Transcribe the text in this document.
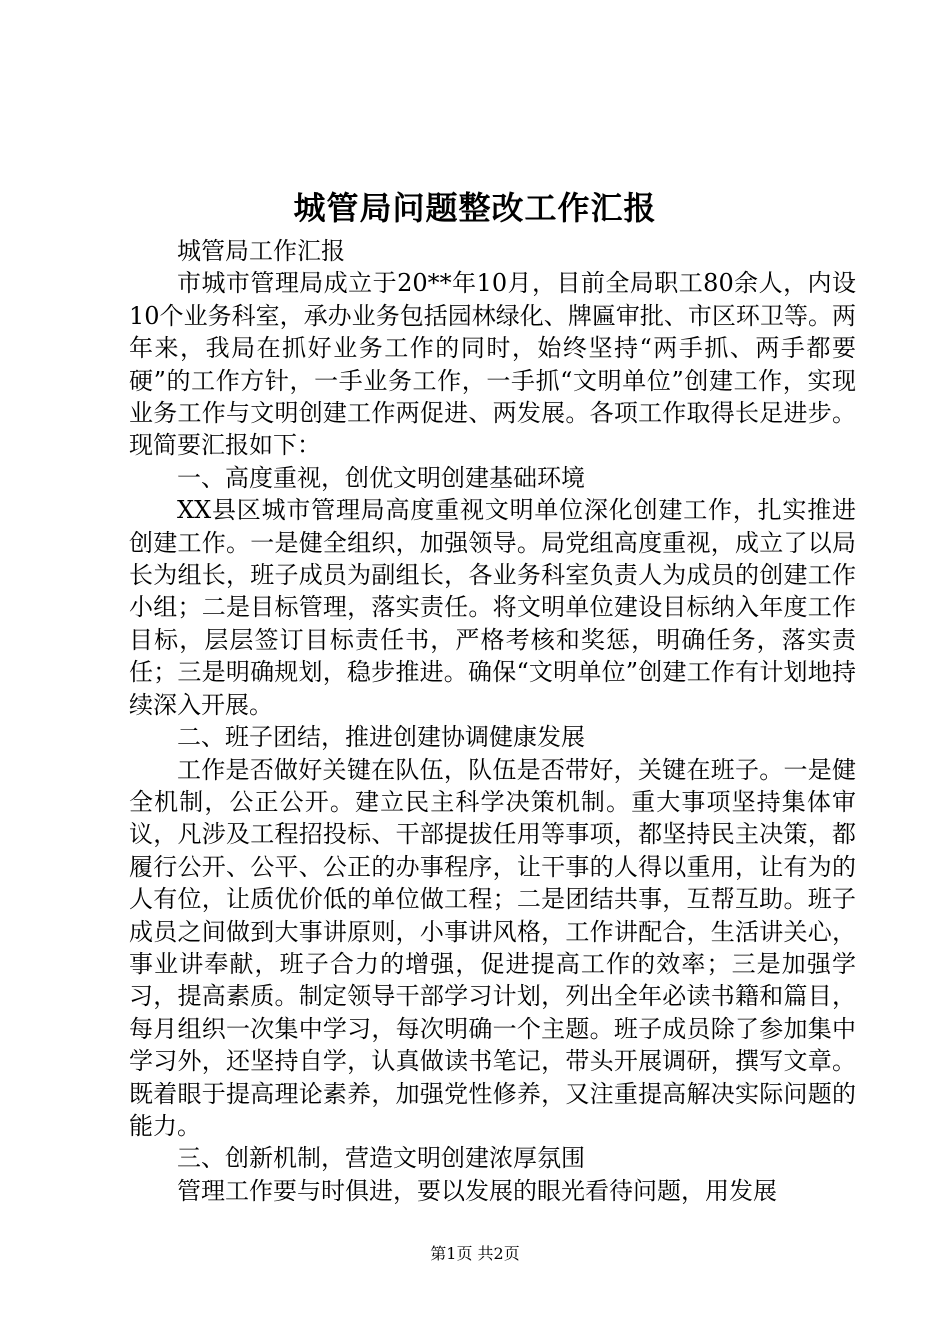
城管局问题整改工作汇报

城管局工作汇报

市城市管理局成立于20**年10月，目前全局职工80余人，内设10个业务科室，承办业务包括园林绿化、牌匾审批、市区环卫等。两年来，我局在抓好业务工作的同时，始终坚持“两手抓、两手都要硬”的工作方针，一手业务工作，一手抓“文明单位”创建工作，实现业务工作与文明创建工作两促进、两发展。各项工作取得长足进步。现简要汇报如下：

一、高度重视，创优文明创建基础环境

XX县区城市管理局高度重视文明单位深化创建工作，扎实推进创建工作。一是健全组织，加强领导。局党组高度重视，成立了以局长为组长，班子成员为副组长，各业务科室负责人为成员的创建工作小组；二是目标管理，落实责任。将文明单位建设目标纳入年度工作目标，层层签订目标责任书，严格考核和奖惩，明确任务，落实责任；三是明确规划，稳步推进。确保“文明单位”创建工作有计划地持续深入开展。

二、班子团结，推进创建协调健康发展

工作是否做好关键在队伍，队伍是否带好，关键在班子。一是健全机制，公正公开。建立民主科学决策机制。重大事项坚持集体审议，凡涉及工程招投标、干部提拔任用等事项，都坚持民主决策，都履行公开、公平、公正的办事程序，让干事的人得以重用，让有为的人有位，让质优价低的单位做工程；二是团结共事，互帮互助。班子成员之间做到大事讲原则，小事讲风格，工作讲配合，生活讲关心，事业讲奉献，班子合力的增强，促进提高工作的效率；三是加强学习，提高素质。制定领导干部学习计划，列出全年必读书籍和篇目，每月组织一次集中学习，每次明确一个主题。班子成员除了参加集中学习外，还坚持自学，认真做读书笔记，带头开展调研，撰写文章。既着眼于提高理论素养，加强党性修养，又注重提高解决实际问题的能力。

三、创新机制，营造文明创建浓厚氛围

管理工作要与时俱进，要以发展的眼光看待问题，用发展

第1页 共2页
